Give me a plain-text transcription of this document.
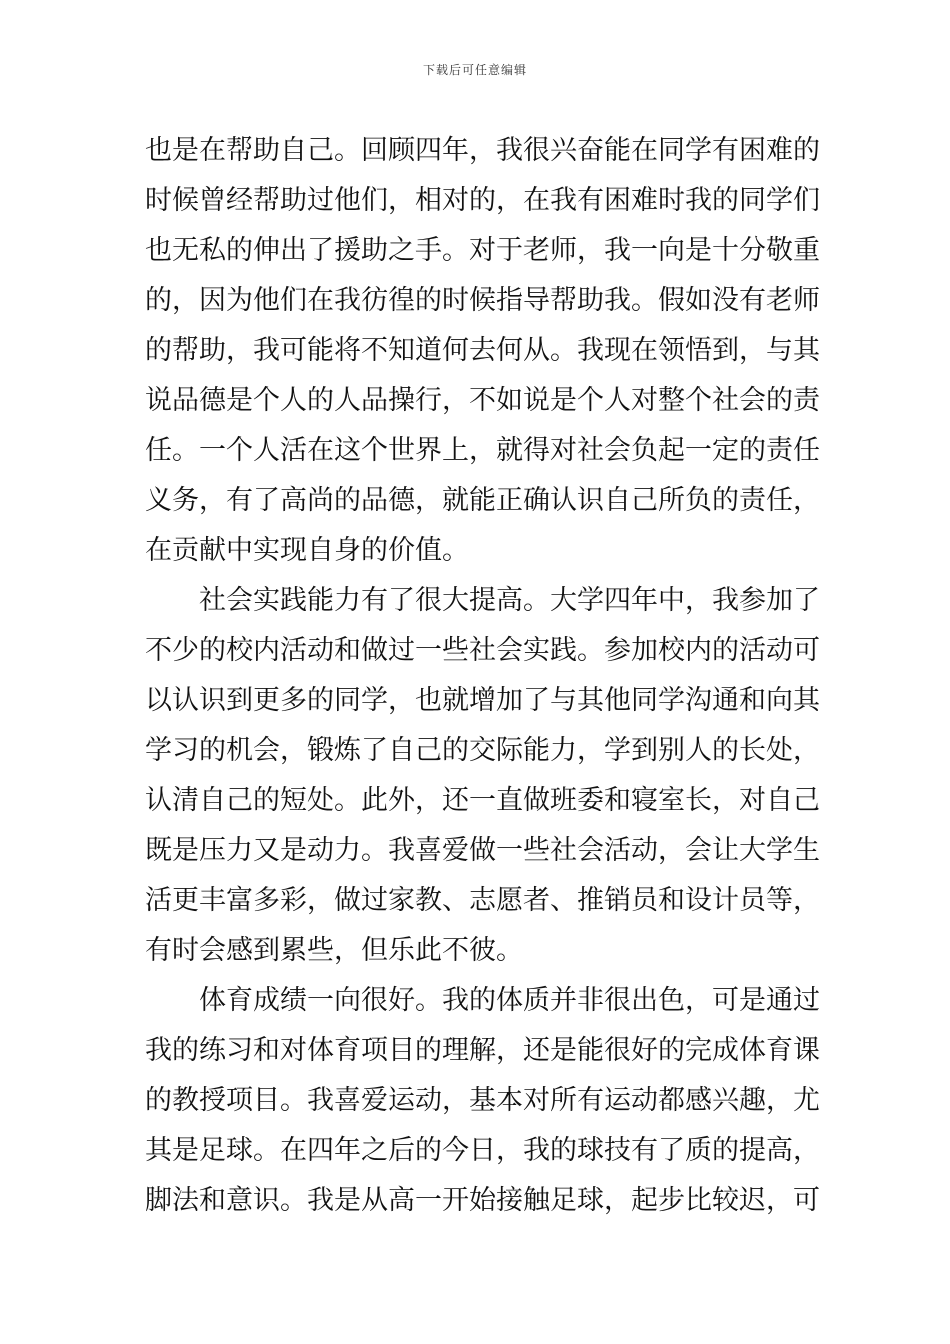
下载后可任意编辑
也是在帮助自己。回顾四年，我很兴奋能在同学有困难的
时候曾经帮助过他们，相对的，在我有困难时我的同学们
也无私的伸出了援助之手。对于老师，我一向是十分敬重
的，因为他们在我彷徨的时候指导帮助我。假如没有老师
的帮助，我可能将不知道何去何从。我现在领悟到，与其
说品德是个人的人品操行，不如说是个人对整个社会的责
任。一个人活在这个世界上，就得对社会负起一定的责任
义务，有了高尚的品德，就能正确认识自己所负的责任，
在贡献中实现自身的价值。
社会实践能力有了很大提高。大学四年中，我参加了
不少的校内活动和做过一些社会实践。参加校内的活动可
以认识到更多的同学，也就增加了与其他同学沟通和向其
学习的机会，锻炼了自己的交际能力，学到别人的长处，
认清自己的短处。此外，还一直做班委和寝室长，对自己
既是压力又是动力。我喜爱做一些社会活动，会让大学生
活更丰富多彩，做过家教、志愿者、推销员和设计员等，
有时会感到累些，但乐此不彼。
体育成绩一向很好。我的体质并非很出色，可是通过
我的练习和对体育项目的理解，还是能很好的完成体育课
的教授项目。我喜爱运动，基本对所有运动都感兴趣，尤
其是足球。在四年之后的今日，我的球技有了质的提高，
脚法和意识。我是从高一开始接触足球，起步比较迟，可
